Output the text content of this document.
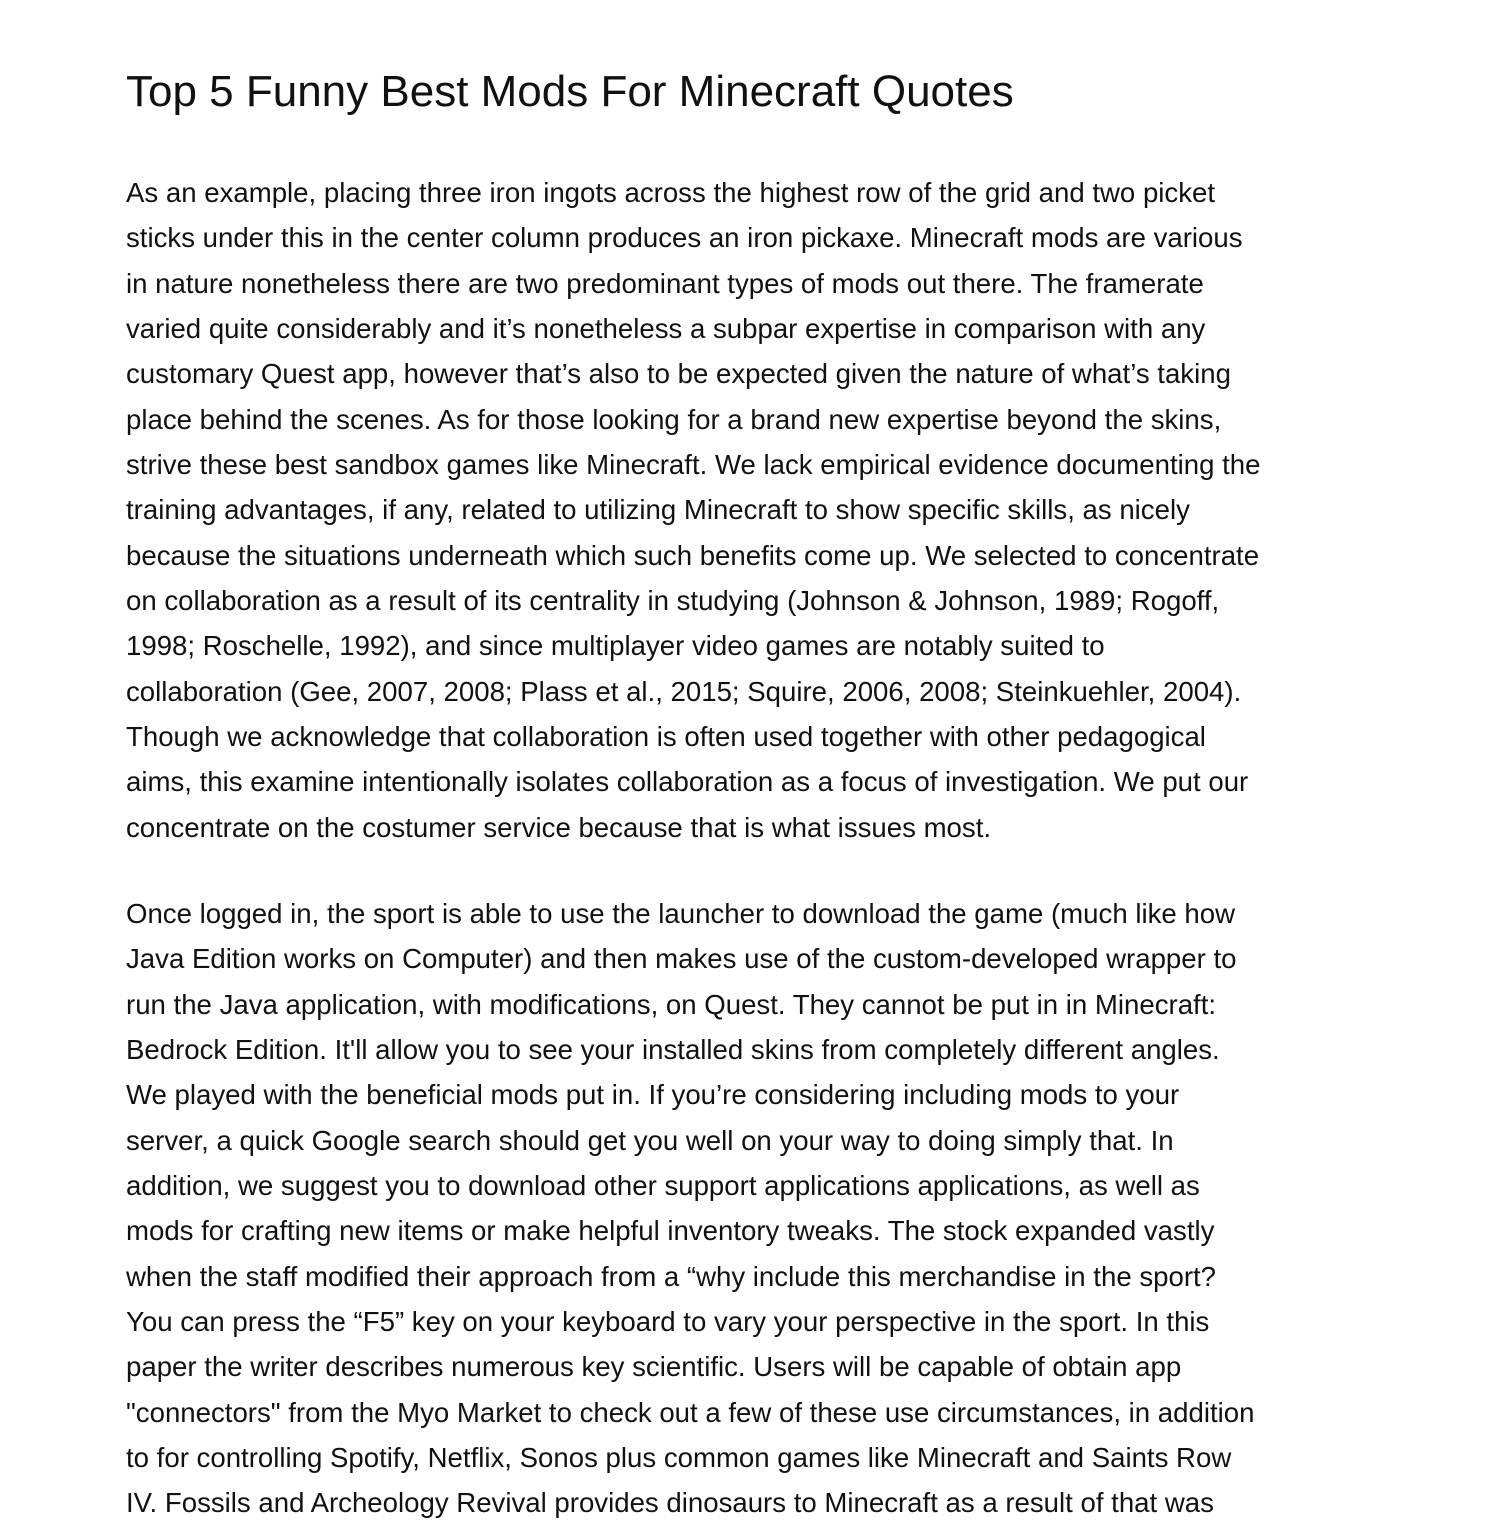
Top 5 Funny Best Mods For Minecraft Quotes
As an example, placing three iron ingots across the highest row of the grid and two picket
sticks under this in the center column produces an iron pickaxe. Minecraft mods are various
in nature nonetheless there are two predominant types of mods out there. The framerate
varied quite considerably and it’s nonetheless a subpar expertise in comparison with any
customary Quest app, however that’s also to be expected given the nature of what’s taking
place behind the scenes. As for those looking for a brand new expertise beyond the skins,
strive these best sandbox games like Minecraft. We lack empirical evidence documenting the
training advantages, if any, related to utilizing Minecraft to show specific skills, as nicely
because the situations underneath which such benefits come up. We selected to concentrate
on collaboration as a result of its centrality in studying (Johnson & Johnson, 1989; Rogoff,
1998; Roschelle, 1992), and since multiplayer video games are notably suited to
collaboration (Gee, 2007, 2008; Plass et al., 2015; Squire, 2006, 2008; Steinkuehler, 2004).
Though we acknowledge that collaboration is often used together with other pedagogical
aims, this examine intentionally isolates collaboration as a focus of investigation. We put our
concentrate on the costumer service because that is what issues most.
Once logged in, the sport is able to use the launcher to download the game (much like how
Java Edition works on Computer) and then makes use of the custom-developed wrapper to
run the Java application, with modifications, on Quest. They cannot be put in in Minecraft:
Bedrock Edition. It'll allow you to see your installed skins from completely different angles.
We played with the beneficial mods put in. If you’re considering including mods to your
server, a quick Google search should get you well on your way to doing simply that. In
addition, we suggest you to download other support applications applications, as well as
mods for crafting new items or make helpful inventory tweaks. The stock expanded vastly
when the staff modified their approach from a “why include this merchandise in the sport?
You can press the “F5” key on your keyboard to vary your perspective in the sport. In this
paper the writer describes numerous key scientific. Users will be capable of obtain app
"connectors" from the Myo Market to check out a few of these use circumstances, in addition
to for controlling Spotify, Netflix, Sonos plus common games like Minecraft and Saints Row
IV. Fossils and Archeology Revival provides dinosaurs to Minecraft as a result of that was
